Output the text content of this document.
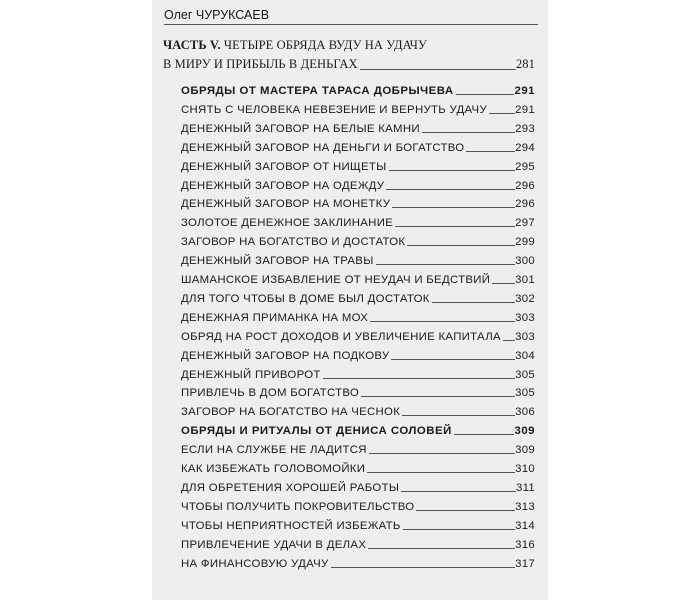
Олег ЧУРУКСАЕВ
ЧАСТЬ V. ЧЕТЫРЕ ОБРЯДА ВУДУ НА УДАЧУ
В МИРУ И ПРИБЫЛЬ В ДЕНЬГАХ	281
ОБРЯДЫ ОТ МАСТЕРА ТАРАСА ДОБРЫЧЕВА	291
СНЯТЬ С ЧЕЛОВЕКА НЕВЕЗЕНИЕ И ВЕРНУТЬ УДАЧУ 291
ДЕНЕЖНЫЙ ЗАГОВОР НА БЕЛЫЕ КАМНИ	293
ДЕНЕЖНЫЙ ЗАГОВОР НА ДЕНЬГИ И БОГАТСТВО	294
ДЕНЕЖНЫЙ ЗАГОВОР ОТ НИЩЕТЫ	295
ДЕНЕЖНЫЙ ЗАГОВОР НА ОДЕЖДУ	296
ДЕНЕЖНЫЙ ЗАГОВОР НА МОНЕТКУ	296
ЗОЛОТОЕ ДЕНЕЖНОЕ ЗАКЛИНАНИЕ	297
ЗАГОВОР НА БОГАТСТВО И ДОСТАТОК	299
ДЕНЕЖНЫЙ ЗАГОВОР НА ТРАВЫ	300
ШАМАНСКОЕ ИЗБАВЛЕНИЕ ОТ НЕУДАЧ И БЕДСТВИЙ 301
ДЛЯ ТОГО ЧТОБЫ В ДОМЕ БЫЛ ДОСТАТОК	302
ДЕНЕЖНАЯ ПРИМАНКА НА МОХ	303
ОБРЯД НА РОСТ ДОХОДОВ И УВЕЛИЧЕНИЕ КАПИТАЛА 303
ДЕНЕЖНЫЙ ЗАГОВОР НА ПОДКОВУ	304
ДЕНЕЖНЫЙ ПРИВОРОТ	305
ПРИВЛЕЧЬ В ДОМ БОГАТСТВО	305
ЗАГОВОР НА БОГАТСТВО НА ЧЕСНОК	306
ОБРЯДЫ И РИТУАЛЫ ОТ ДЕНИСА СОЛОВЕЙ	309
ЕСЛИ НА СЛУЖБЕ НЕ ЛАДИТСЯ	309
КАК ИЗБЕЖАТЬ ГОЛОВОМОЙКИ	310
ДЛЯ ОБРЕТЕНИЯ ХОРОШЕЙ РАБОТЫ	311
ЧТОБЫ ПОЛУЧИТЬ ПОКРОВИТЕЛЬСТВО	313
ЧТОБЫ НЕПРИЯТНОСТЕЙ ИЗБЕЖАТЬ	314
ПРИВЛЕЧЕНИЕ УДАЧИ В ДЕЛАХ	316
НА ФИНАНСОВУЮ УДАЧУ	317
